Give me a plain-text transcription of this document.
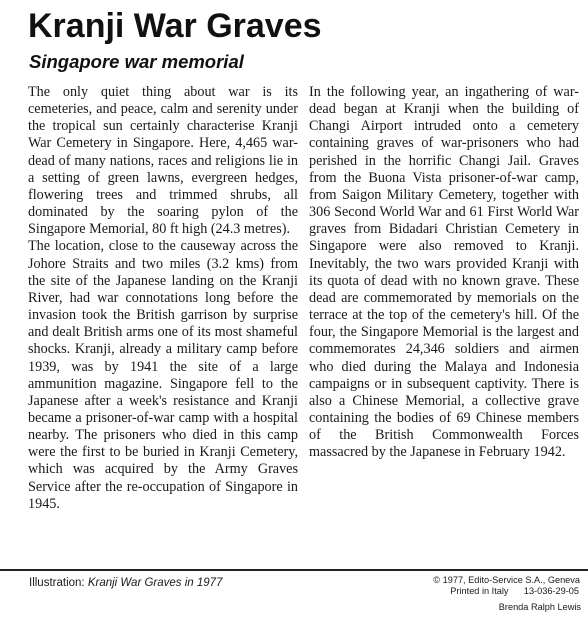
Kranji War Graves
Singapore war memorial

The only quiet thing about war is its cemeteries, and peace, calm and serenity under the tropical sun certainly characterise Kranji War Cemetery in Singapore. Here, 4,465 war-dead of many nations, races and religions lie in a setting of green lawns, evergreen hedges, flowering trees and trimmed shrubs, all dominated by the soaring pylon of the Singapore Memorial, 80 ft high (24.3 metres).

The location, close to the causeway across the Johore Straits and two miles (3.2 kms) from the site of the Japanese landing on the Kranji River, had war connotations long before the invasion took the British garrison by surprise and dealt British arms one of its most shameful shocks. Kranji, already a military camp before 1939, was by 1941 the site of a large ammunition magazine. Singapore fell to the Japanese after a week's resistance and Kranji became a prisoner-of-war camp with a hospital nearby. The prisoners who died in this camp were the first to be buried in Kranji Cemetery, which was acquired by the Army Graves Service after the re-occupation of Singapore in 1945.

In the following year, an ingathering of war-dead began at Kranji when the building of Changi Airport intruded onto a cemetery containing graves of war-prisoners who had perished in the horrific Changi Jail. Graves from the Buona Vista prisoner-of-war camp, from Saigon Military Cemetery, together with 306 Second World War and 61 First World War graves from Bidadari Christian Cemetery in Singapore were also removed to Kranji. Inevitably, the two wars provided Kranji with its quota of dead with no known grave. These dead are commemorated by memorials on the terrace at the top of the cemetery's hill. Of the four, the Singapore Memorial is the largest and commemorates 24,346 soldiers and airmen who died during the Malaya and Indonesia campaigns or in subsequent captivity. There is also a Chinese Memorial, a collective grave containing the bodies of 69 Chinese members of the British Commonwealth Forces massacred by the Japanese in February 1942.

Illustration: Kranji War Graves in 1977	© 1977, Edito-Service S.A., Geneva
Printed in Italy      13-036-29-05
Brenda Ralph Lewis
